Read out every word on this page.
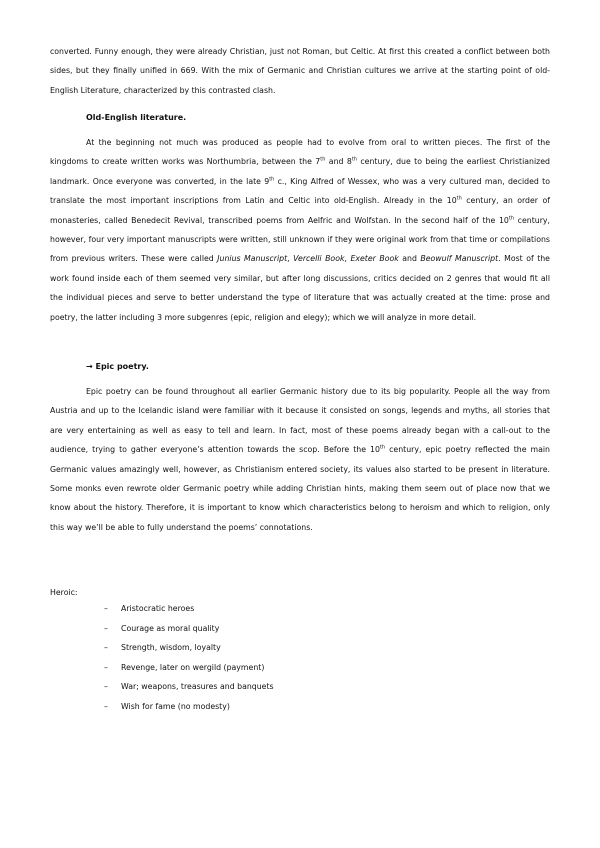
converted. Funny enough, they were already Christian, just not Roman, but Celtic. At first this created a conflict between both sides, but they finally unified in 669. With the mix of Germanic and Christian cultures we arrive at the starting point of old-English Literature, characterized by this contrasted clash.

Old-English literature.

At the beginning not much was produced as people had to evolve from oral to written pieces. The first of the kingdoms to create written works was Northumbria, between the 7th and 8th century, due to being the earliest Christianized landmark. Once everyone was converted, in the late 9th c., King Alfred of Wessex, who was a very cultured man, decided to translate the most important inscriptions from Latin and Celtic into old-English. Already in the 10th century, an order of monasteries, called Benedecit Revival, transcribed poems from Aelfric and Wolfstan. In the second half of the 10th century, however, four very important manuscripts were written, still unknown if they were original work from that time or compilations from previous writers. These were called Junius Manuscript, Vercelli Book, Exeter Book and Beowulf Manuscript. Most of the work found inside each of them seemed very similar, but after long discussions, critics decided on 2 genres that would fit all the individual pieces and serve to better understand the type of literature that was actually created at the time: prose and poetry, the latter including 3 more subgenres (epic, religion and elegy); which we will analyze in more detail.

→ Epic poetry.

Epic poetry can be found throughout all earlier Germanic history due to its big popularity. People all the way from Austria and up to the Icelandic island were familiar with it because it consisted on songs, legends and myths, all stories that are very entertaining as well as easy to tell and learn. In fact, most of these poems already began with a call-out to the audience, trying to gather everyone’s attention towards the scop. Before the 10th century, epic poetry reflected the main Germanic values amazingly well, however, as Christianism entered society, its values also started to be present in literature. Some monks even rewrote older Germanic poetry while adding Christian hints, making them seem out of place now that we know about the history. Therefore, it is important to know which characteristics belong to heroism and which to religion, only this way we’ll be able to fully understand the poems’ connotations.

Heroic:
–	Aristocratic heroes
–	Courage as moral quality
–	Strength, wisdom, loyalty
–	Revenge, later on wergild (payment)
–	War; weapons, treasures and banquets
–	Wish for fame (no modesty)
